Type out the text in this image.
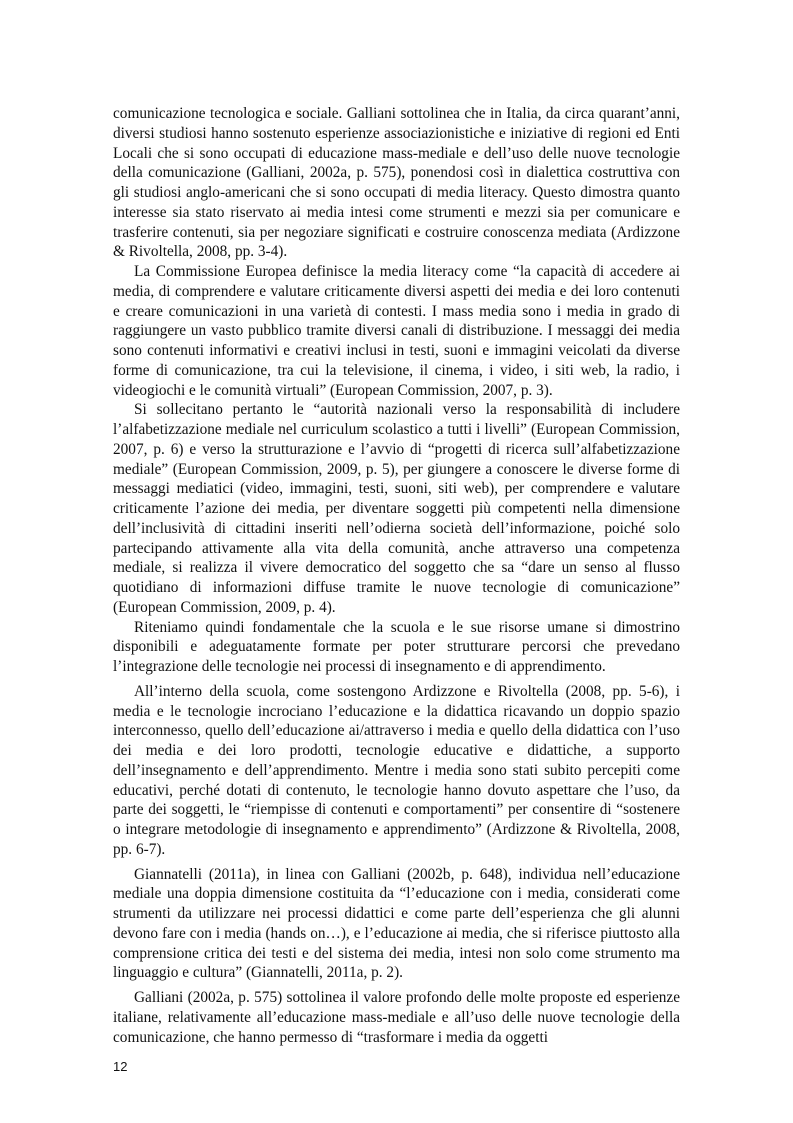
comunicazione tecnologica e sociale. Galliani sottolinea che in Italia, da circa quarant’anni, diversi studiosi hanno sostenuto esperienze associazionistiche e iniziative di regioni ed Enti Locali che si sono occupati di educazione mass-mediale e dell’uso delle nuove tecnologie della comunicazione (Galliani, 2002a, p. 575), ponendosi così in dialettica costruttiva con gli studiosi anglo-americani che si sono occupati di media literacy. Questo dimostra quanto interesse sia stato riservato ai media intesi come strumenti e mezzi sia per comunicare e trasferire contenuti, sia per negoziare significati e costruire conoscenza mediata (Ardizzone & Rivoltella, 2008, pp. 3-4).

La Commissione Europea definisce la media literacy come “la capacità di accedere ai media, di comprendere e valutare criticamente diversi aspetti dei media e dei loro contenuti e creare comunicazioni in una varietà di contesti. I mass media sono i media in grado di raggiungere un vasto pubblico tramite diversi canali di distribuzione. I messaggi dei media sono contenuti informativi e creativi inclusi in testi, suoni e immagini veicolati da diverse forme di comunicazione, tra cui la televisione, il cinema, i video, i siti web, la radio, i videogiochi e le comunità virtuali” (European Commission, 2007, p. 3).

Si sollecitano pertanto le “autorità nazionali verso la responsabilità di includere l’alfabetizzazione mediale nel curriculum scolastico a tutti i livelli” (European Commission, 2007, p. 6) e verso la strutturazione e l’avvio di “progetti di ricerca sull’alfabetizzazione mediale” (European Commission, 2009, p. 5), per giungere a conoscere le diverse forme di messaggi mediatici (video, immagini, testi, suoni, siti web), per comprendere e valutare criticamente l’azione dei media, per diventare soggetti più competenti nella dimensione dell’inclusività di cittadini inseriti nell’odierna società dell’informazione, poiché solo partecipando attivamente alla vita della comunità, anche attraverso una competenza mediale, si realizza il vivere democratico del soggetto che sa “dare un senso al flusso quotidiano di informazioni diffuse tramite le nuove tecnologie di comunicazione” (European Commission, 2009, p. 4).

Riteniamo quindi fondamentale che la scuola e le sue risorse umane si dimostrino disponibili e adeguatamente formate per poter strutturare percorsi che prevedano l’integrazione delle tecnologie nei processi di insegnamento e di apprendimento.

All’interno della scuola, come sostengono Ardizzone e Rivoltella (2008, pp. 5-6), i media e le tecnologie incrociano l’educazione e la didattica ricavando un doppio spazio interconnesso, quello dell’educazione ai/attraverso i media e quello della didattica con l’uso dei media e dei loro prodotti, tecnologie educative e didattiche, a supporto dell’insegnamento e dell’apprendimento. Mentre i media sono stati subito percepiti come educativi, perché dotati di contenuto, le tecnologie hanno dovuto aspettare che l’uso, da parte dei soggetti, le “riempisse di contenuti e comportamenti” per consentire di “sostenere o integrare metodologie di insegnamento e apprendimento” (Ardizzone & Rivoltella, 2008, pp. 6-7).

Giannatelli (2011a), in linea con Galliani (2002b, p. 648), individua nell’educazione mediale una doppia dimensione costituita da “l’educazione con i media, considerati come strumenti da utilizzare nei processi didattici e come parte dell’esperienza che gli alunni devono fare con i media (hands on…), e l’educazione ai media, che si riferisce piuttosto alla comprensione critica dei testi e del sistema dei media, intesi non solo come strumento ma linguaggio e cultura” (Giannatelli, 2011a, p. 2).

Galliani (2002a, p. 575) sottolinea il valore profondo delle molte proposte ed esperienze italiane, relativamente all’educazione mass-mediale e all’uso delle nuove tecnologie della comunicazione, che hanno permesso di “trasformare i media da oggetti

12
